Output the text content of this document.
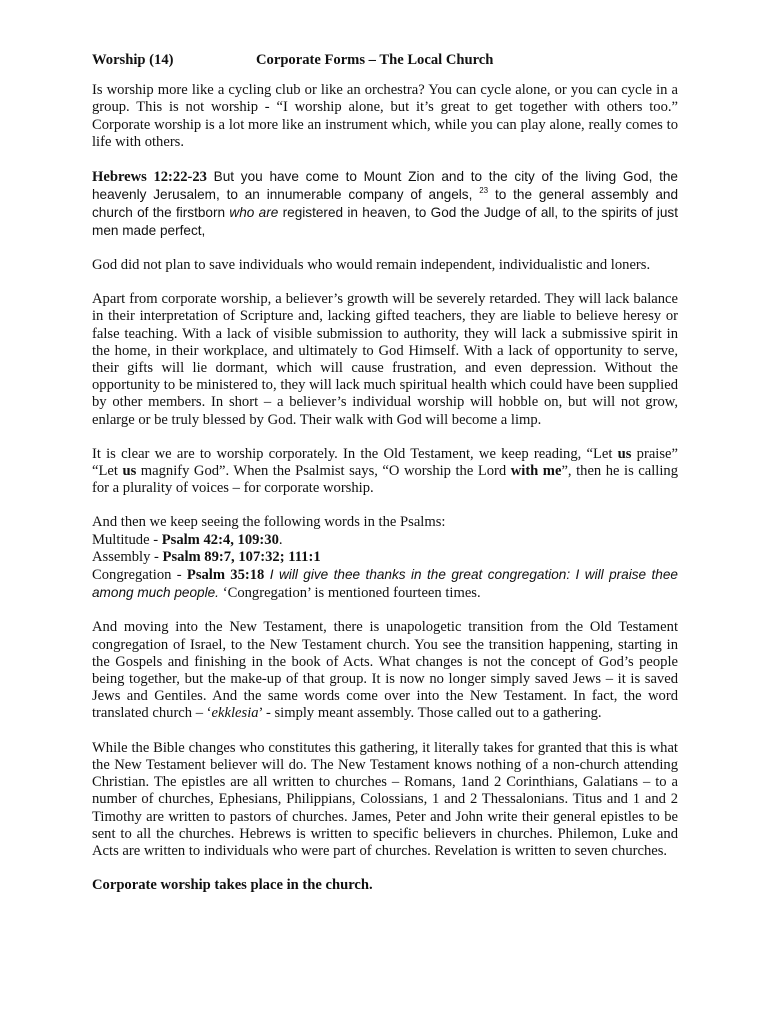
Worship (14)	Corporate Forms – The Local Church

Is worship more like a cycling club or like an orchestra? You can cycle alone, or you can cycle in a group. This is not worship - “I worship alone, but it’s great to get together with others too.” Corporate worship is a lot more like an instrument which, while you can play alone, really comes to life with others.

Hebrews 12:22-23 But you have come to Mount Zion and to the city of the living God, the heavenly Jerusalem, to an innumerable company of angels, $^{23}$ to the general assembly and church of the firstborn who are registered in heaven, to God the Judge of all, to the spirits of just men made perfect,

God did not plan to save individuals who would remain independent, individualistic and loners.

Apart from corporate worship, a believer’s growth will be severely retarded. They will lack balance in their interpretation of Scripture and, lacking gifted teachers, they are liable to believe heresy or false teaching. With a lack of visible submission to authority, they will lack a submissive spirit in the home, in their workplace, and ultimately to God Himself. With a lack of opportunity to serve, their gifts will lie dormant, which will cause frustration, and even depression. Without the opportunity to be ministered to, they will lack much spiritual health which could have been supplied by other members. In short – a believer’s individual worship will hobble on, but will not grow, enlarge or be truly blessed by God. Their walk with God will become a limp.

It is clear we are to worship corporately. In the Old Testament, we keep reading, “Let us praise” “Let us magnify God”. When the Psalmist says, “O worship the Lord with me”, then he is calling for a plurality of voices – for corporate worship.

And then we keep seeing the following words in the Psalms:
Multitude - Psalm 42:4, 109:30.
Assembly - Psalm 89:7, 107:32; 111:1
Congregation - Psalm 35:18 I will give thee thanks in the great congregation: I will praise thee among much people. ‘Congregation’ is mentioned fourteen times.

And moving into the New Testament, there is unapologetic transition from the Old Testament congregation of Israel, to the New Testament church. You see the transition happening, starting in the Gospels and finishing in the book of Acts. What changes is not the concept of God’s people being together, but the make-up of that group. It is now no longer simply saved Jews – it is saved Jews and Gentiles. And the same words come over into the New Testament. In fact, the word translated church – ‘ekklesia’ - simply meant assembly. Those called out to a gathering.

While the Bible changes who constitutes this gathering, it literally takes for granted that this is what the New Testament believer will do. The New Testament knows nothing of a non-church attending Christian. The epistles are all written to churches – Romans, 1and 2 Corinthians, Galatians – to a number of churches, Ephesians, Philippians, Colossians, 1 and 2 Thessalonians. Titus and 1 and 2 Timothy are written to pastors of churches. James, Peter and John write their general epistles to be sent to all the churches. Hebrews is written to specific believers in churches. Philemon, Luke and Acts are written to individuals who were part of churches. Revelation is written to seven churches.

Corporate worship takes place in the church.
